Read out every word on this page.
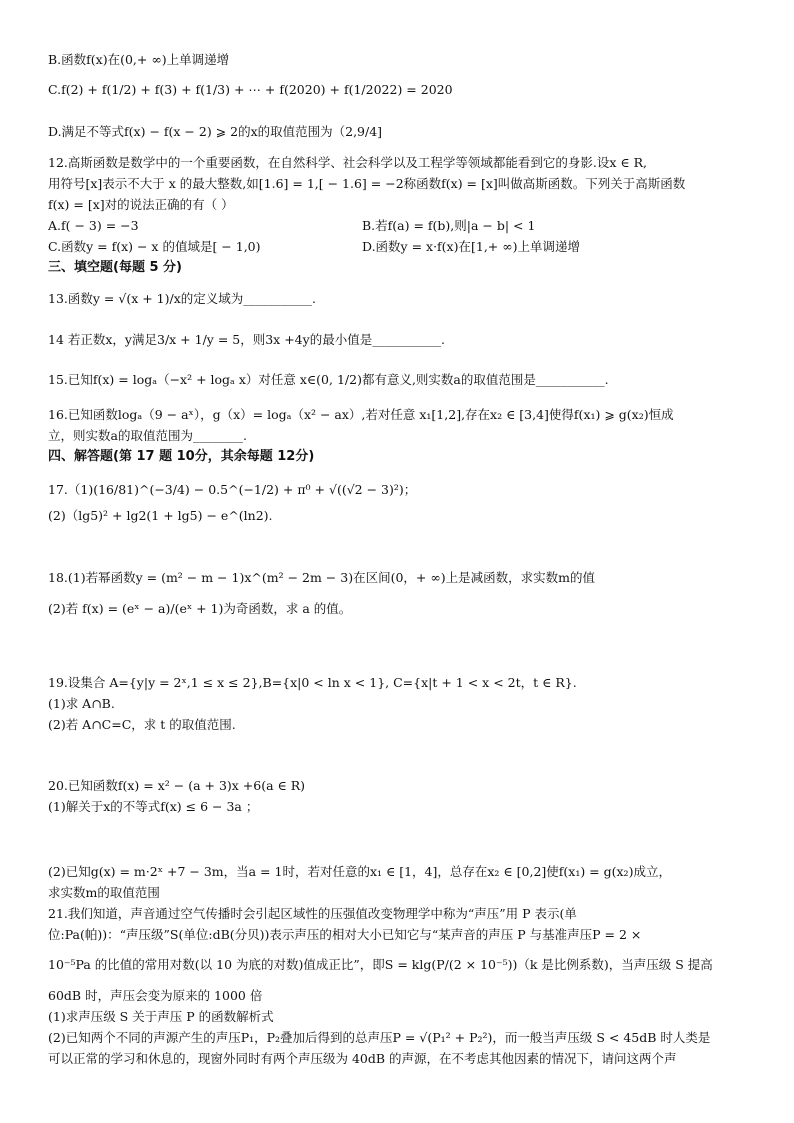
B.函数f(x)在(0,+ ∞)上单调递增
C.f(2) + f(1/2) + f(3) + f(1/3) + ⋯ + f(2020) + f(1/2022) = 2020
D.满足不等式f(x) − f(x − 2) ⩾ 2的x的取值范围为（2,9/4]
12.高斯函数是数学中的一个重要函数，在自然科学、社会科学以及工程学等领域都能看到它的身影.设x ∈ R,
用符号[x]表示不大于 x 的最大整数,如[1.6] = 1,[ − 1.6] = −2称函数f(x) = [x]叫做高斯函数。下列关于高斯函数
f(x) = [x]对的说法正确的有（ ）
A.f( − 3) = −3	B.若f(a) = f(b),则|a − b| < 1
C.函数y = f(x) − x 的值域是[ − 1,0)	D.函数y = x·f(x)在[1,+ ∞)上单调递增
三、填空题(每题 5 分)
13.函数y = √(x + 1)/x的定义域为___________.
14 若正数x，y满足3/x + 1/y = 5，则3x +4y的最小值是___________.
15.已知f(x) = logₐ（−x² + logₐ x）对任意 x∈(0, 1/2)都有意义,则实数a的取值范围是___________.
16.已知函数logₐ（9 − aˣ），g（x）= logₐ（x² − ax）,若对任意 x₁[1,2],存在x₂ ∈ [3,4]使得f(x₁) ⩾ g(x₂)恒成
立，则实数a的取值范围为________.
四、解答题(第 17 题 10分，其余每题 12分)
17.（1)(16/81)^(−3/4) − 0.5^(−1/2) + π⁰ + √((√2 − 3)²)；
(2)（lg5)² + lg2(1 + lg5) − e^(ln2).
18.(1)若幂函数y = (m² − m − 1)x^(m² − 2m − 3)在区间(0，+ ∞)上是减函数，求实数m的值
(2)若 f(x) = (eˣ − a)/(eˣ + 1)为奇函数，求 a 的值。
19.设集合 A={y|y = 2ˣ,1 ≤ x ≤ 2},B={x|0 < ln x < 1}, C={x|t + 1 < x < 2t，t ∈ R}.
(1)求 A∩B.
(2)若 A∩C=C，求 t 的取值范围.
20.已知函数f(x) = x² − (a + 3)x +6(a ∈ R)
(1)解关于x的不等式f(x) ≤ 6 − 3a ；
(2)已知g(x) = m·2ˣ +7 − 3m，当a = 1时，若对任意的x₁ ∈ [1，4]，总存在x₂ ∈ [0,2]使f(x₁) = g(x₂)成立，
求实数m的取值范围
21.我们知道，声音通过空气传播时会引起区域性的压强值改变物理学中称为“声压”用 P 表示(单
位:Pa(帕))：“声压级”S(单位:dB(分贝))表示声压的相对大小已知它与“某声音的声压 P 与基准声压P = 2 ×
10⁻⁵Pa 的比值的常用对数(以 10 为底的对数)值成正比”，即S = klg(P/(2 × 10⁻⁵))（k 是比例系数)，当声压级 S 提高
60dB 时，声压会变为原来的 1000 倍
(1)求声压级 S 关于声压 P 的函数解析式
(2)已知两个不同的声源产生的声压P₁，P₂叠加后得到的总声压P = √(P₁² + P₂²)，而一般当声压级 S < 45dB 时人类是
可以正常的学习和休息的，现窗外同时有两个声压级为 40dB 的声源，在不考虑其他因素的情况下，请问这两个声
